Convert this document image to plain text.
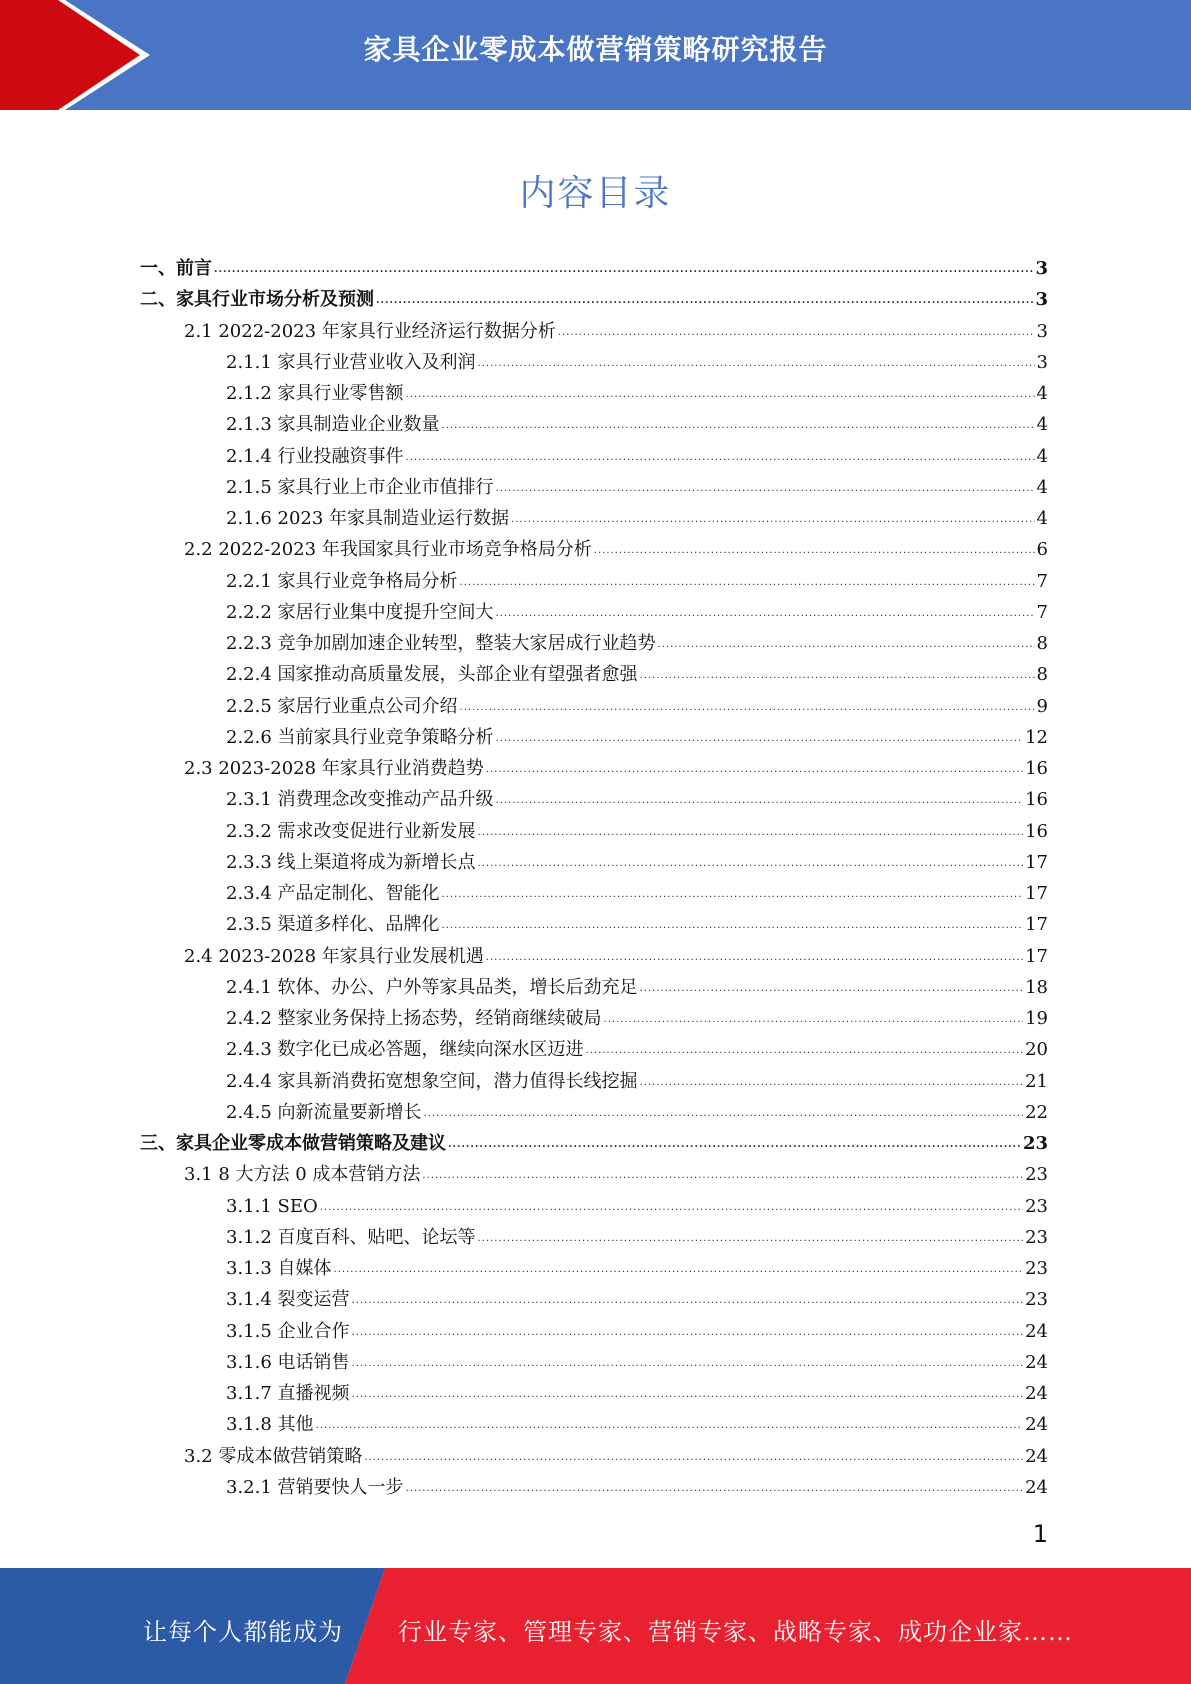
家具企业零成本做营销策略研究报告
内容目录
一、前言 .....	3
二、家具行业市场分析及预测 .....	3
2.1 2022-2023 年家具行业经济运行数据分析 .....	3
2.1.1 家具行业营业收入及利润 .....	3
2.1.2 家具行业零售额 .....	4
2.1.3 家具制造业企业数量 .....	4
2.1.4 行业投融资事件 .....	4
2.1.5 家具行业上市企业市值排行 .....	4
2.1.6 2023 年家具制造业运行数据 .....	4
2.2 2022-2023 年我国家具行业市场竞争格局分析 .....	6
2.2.1 家具行业竞争格局分析 .....	7
2.2.2 家居行业集中度提升空间大 .....	7
2.2.3 竞争加剧加速企业转型，整装大家居成行业趋势 .....	8
2.2.4 国家推动高质量发展，头部企业有望强者愈强 .....	8
2.2.5 家居行业重点公司介绍 .....	9
2.2.6 当前家具行业竞争策略分析 .....	12
2.3 2023-2028 年家具行业消费趋势 .....	16
2.3.1 消费理念改变推动产品升级 .....	16
2.3.2 需求改变促进行业新发展 .....	16
2.3.3 线上渠道将成为新增长点 .....	17
2.3.4 产品定制化、智能化 .....	17
2.3.5 渠道多样化、品牌化 .....	17
2.4 2023-2028 年家具行业发展机遇 .....	17
2.4.1 软体、办公、户外等家具品类，增长后劲充足 .....	18
2.4.2 整家业务保持上扬态势，经销商继续破局 .....	19
2.4.3 数字化已成必答题，继续向深水区迈进 .....	20
2.4.4 家具新消费拓宽想象空间，潜力值得长线挖掘 .....	21
2.4.5 向新流量要新增长 .....	22
三、家具企业零成本做营销策略及建议 .....	23
3.1 8 大方法 0 成本营销方法 .....	23
3.1.1 SEO .....	23
3.1.2 百度百科、贴吧、论坛等 .....	23
3.1.3 自媒体 .....	23
3.1.4 裂变运营 .....	23
3.1.5 企业合作 .....	24
3.1.6 电话销售 .....	24
3.1.7 直播视频 .....	24
3.1.8 其他 .....	24
3.2 零成本做营销策略 .....	24
3.2.1 营销要快人一步 .....	24
1
让每个人都能成为 行业专家、管理专家、营销专家、战略专家、成功企业家……
